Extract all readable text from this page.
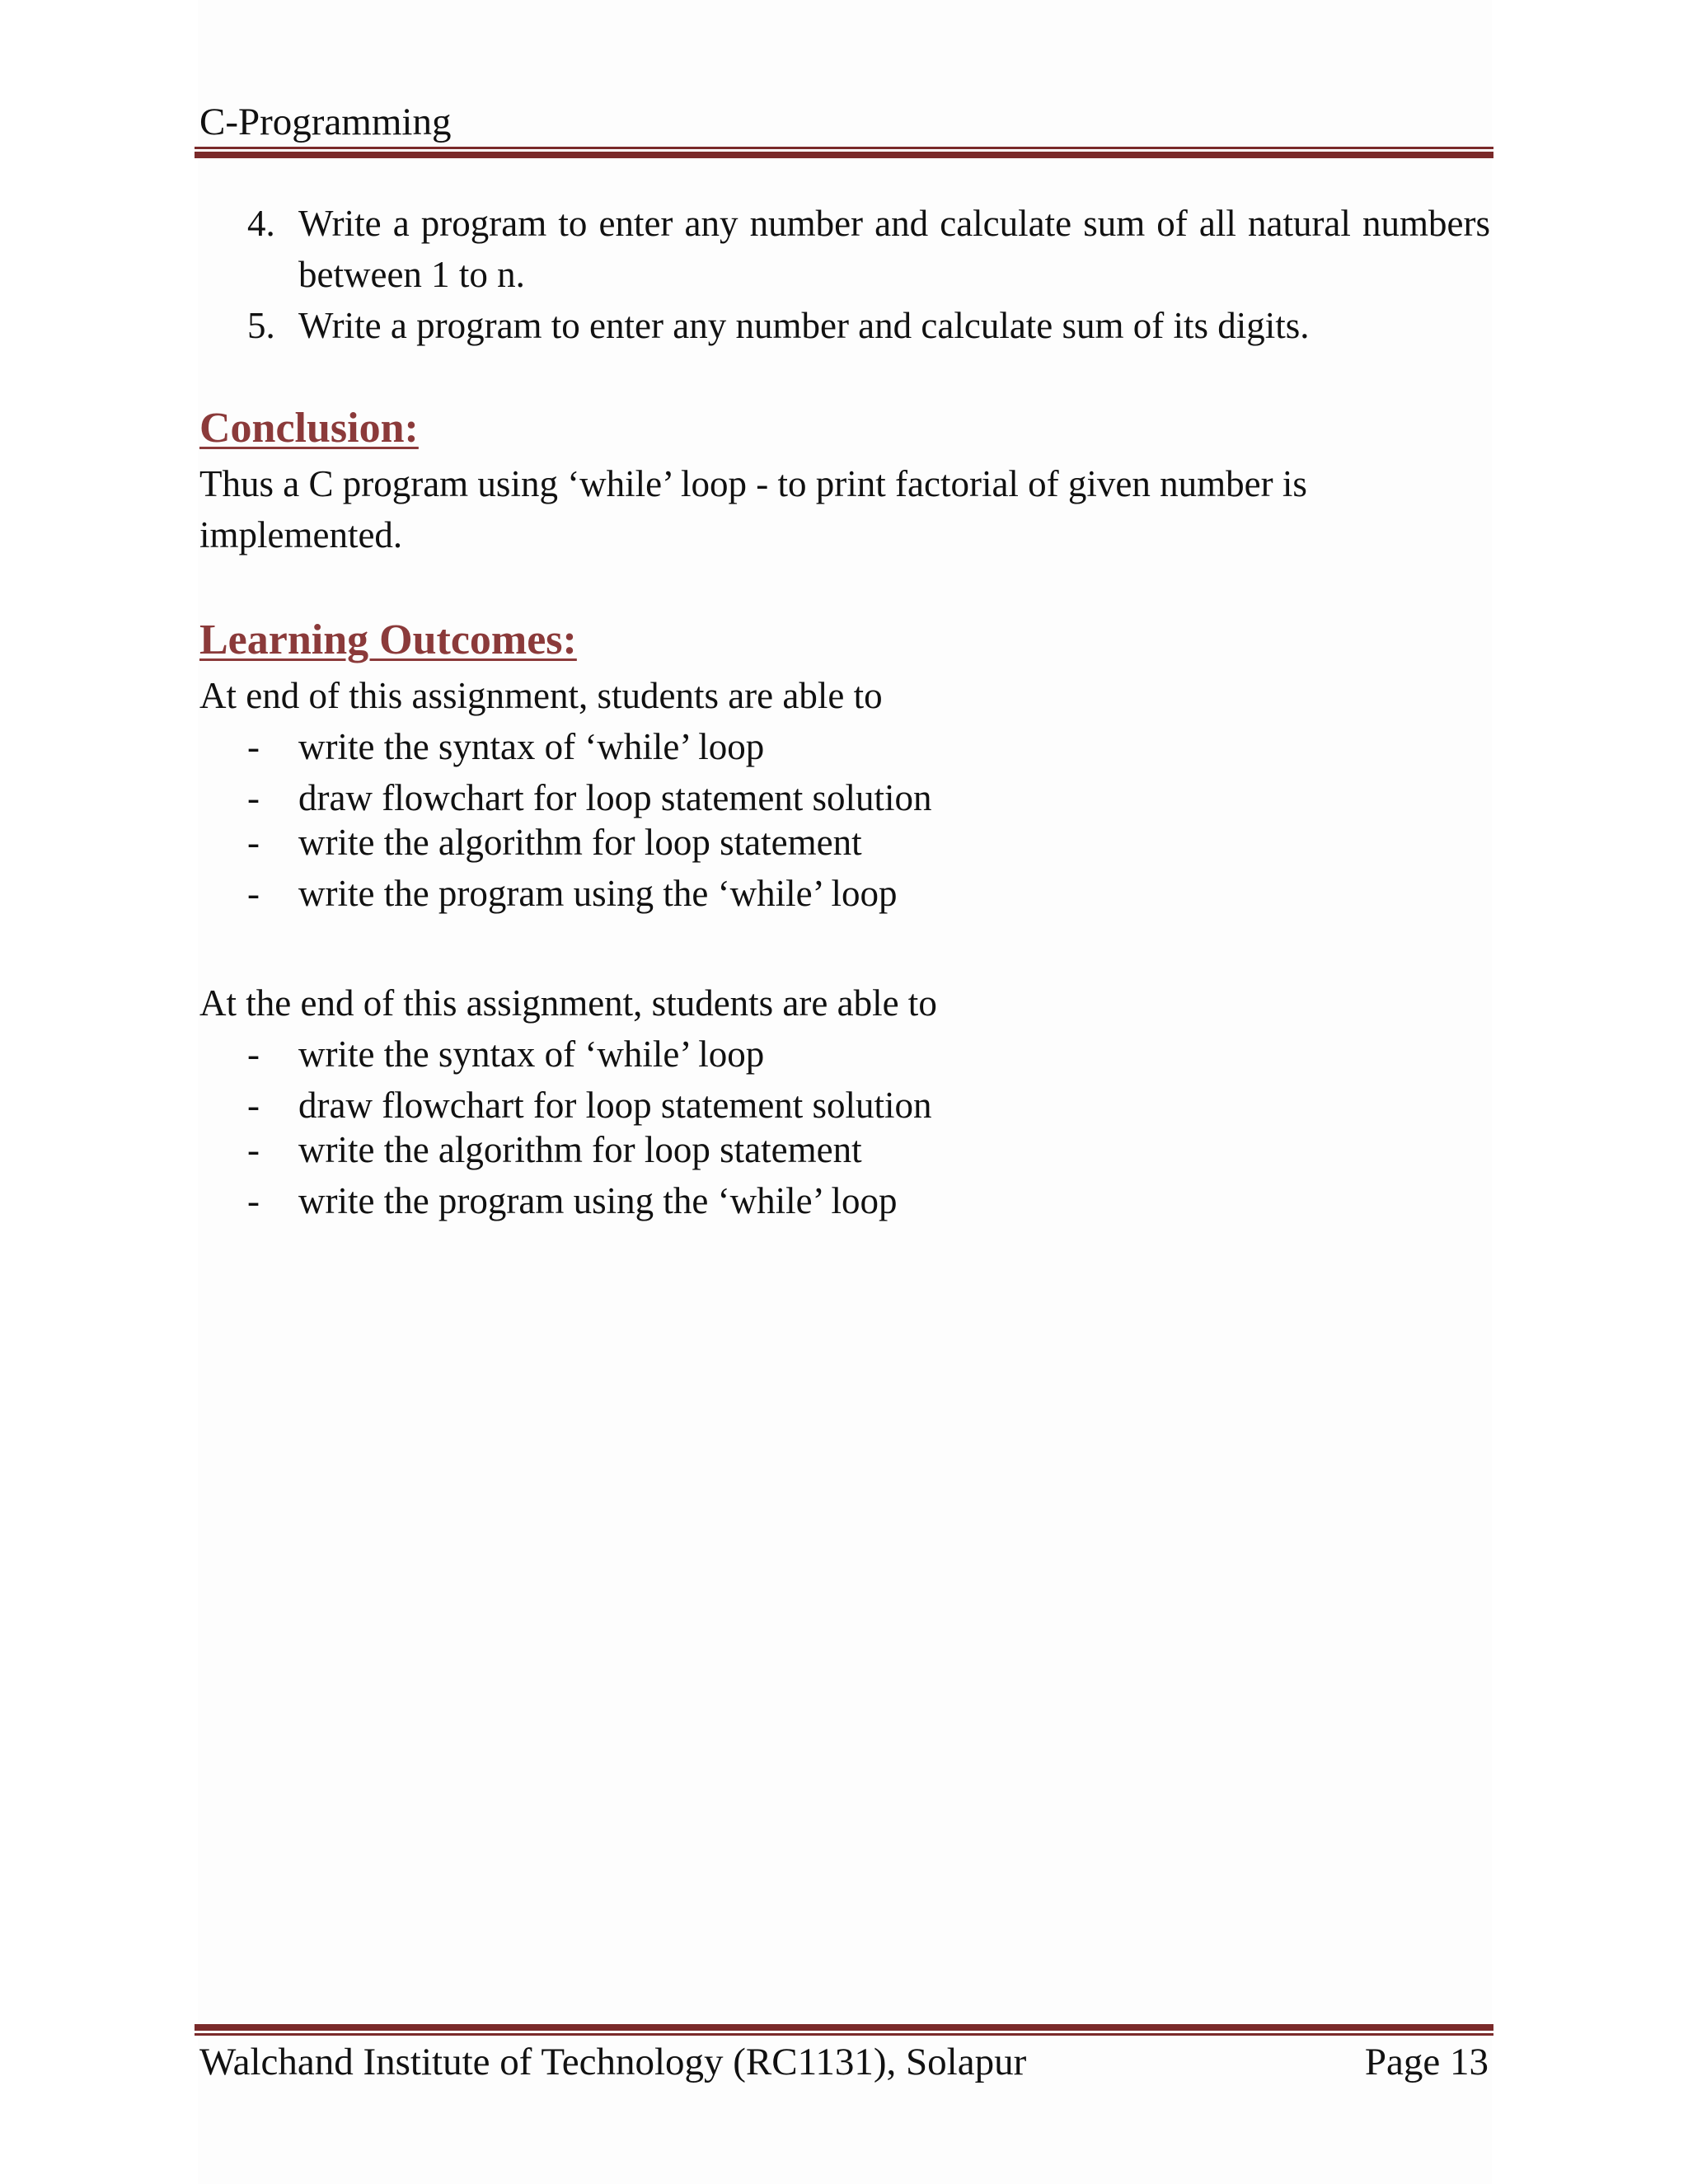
C-Programming
4. Write a program to enter any number and calculate sum of all natural numbers between 1 to n.
5. Write a program to enter any number and calculate sum of its digits.
Conclusion:
Thus a C program using ‘while’ loop - to print factorial of given number is
implemented.
Learning Outcomes:
At end of this assignment, students are able to
- write the syntax of ‘while’ loop
- draw flowchart for loop statement solution
- write the algorithm for loop statement
- write the program using the ‘while’ loop
At the end of this assignment, students are able to
- write the syntax of ‘while’ loop
- draw flowchart for loop statement solution
- write the algorithm for loop statement
- write the program using the ‘while’ loop
Walchand Institute of Technology (RC1131), Solapur	Page 13
